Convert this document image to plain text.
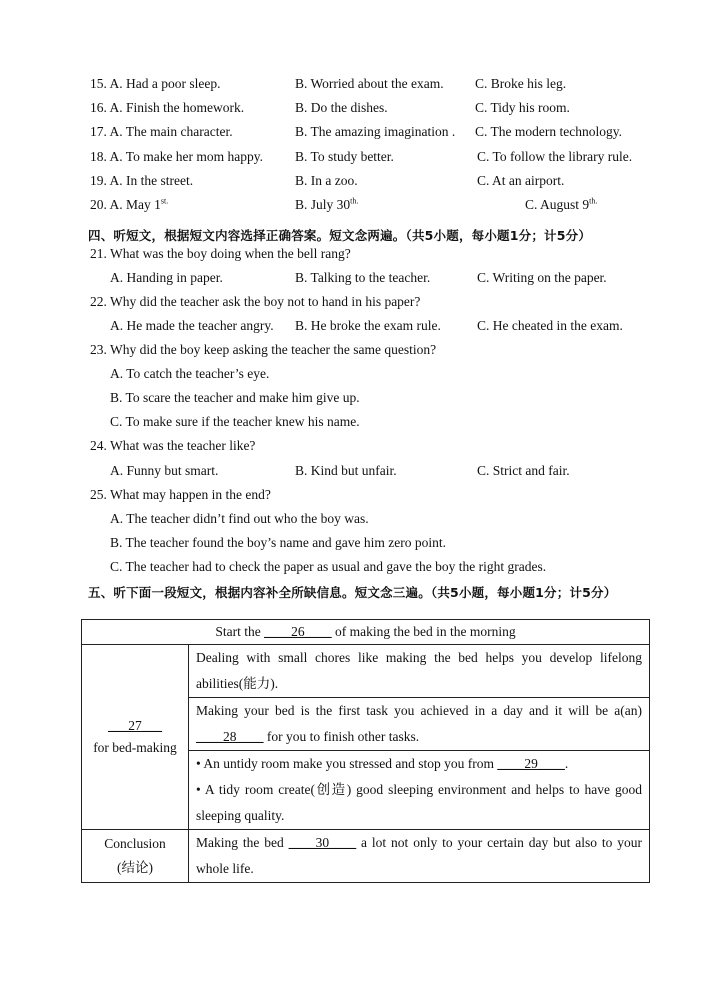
15. A. Had a poor sleep.	B. Worried about the exam. C. Broke his leg.
16. A. Finish the homework.	B. Do the dishes.	C. Tidy his room.
17. A. The main character.	B. The amazing imagination . C. The modern technology.
18. A. To make her mom happy. B. To study better.	C. To follow the library rule.
19. A. In the street.	B. In a zoo.	C. At an airport.
20. A. May $1^{st.}$	B. July $30^{th.}$	C. August $9^{th.}$
四、听短文，根据短文内容选择正确答案。短文念两遍。（共5小题，每小题1分；计5分）
21. What was the boy doing when the bell rang?
A. Handing in paper.	B. Talking to the teacher.	C. Writing on the paper.
22. Why did the teacher ask the boy not to hand in his paper?
A. He made the teacher angry. B. He broke the exam rule.	C. He cheated in the exam.
23. Why did the boy keep asking the teacher the same question?
A. To catch the teacher’s eye.
B. To scare the teacher and make him give up.
C. To make sure if the teacher knew his name.
24. What was the teacher like?
A. Funny but smart.	B. Kind but unfair.	C. Strict and fair.
25. What may happen in the end?
A. The teacher didn’t find out who the boy was.
B. The teacher found the boy’s name and gave him zero point.
C. The teacher had to check the paper as usual and gave the boy the right grades.
五、听下面一段短文，根据内容补全所缺信息。短文念三遍。（共5小题，每小题1分；计5分）
Start the ____26____ of making the bed in the morning	
___27___
for bed-making	Dealing with small chores like making the bed helps you develop lifelong abilities(能力).
	Making your bed is the first task you achieved in a day and it will be a(an) ____28____ for you to finish other tasks.

	• An untidy room make you stressed and stop you from ____29____.
• A tidy room create(创造) good sleeping environment and helps to have good sleeping quality.

Conclusion
(结论)	Making the bed ____30____ a lot not only to your certain day but also to your whole life.
